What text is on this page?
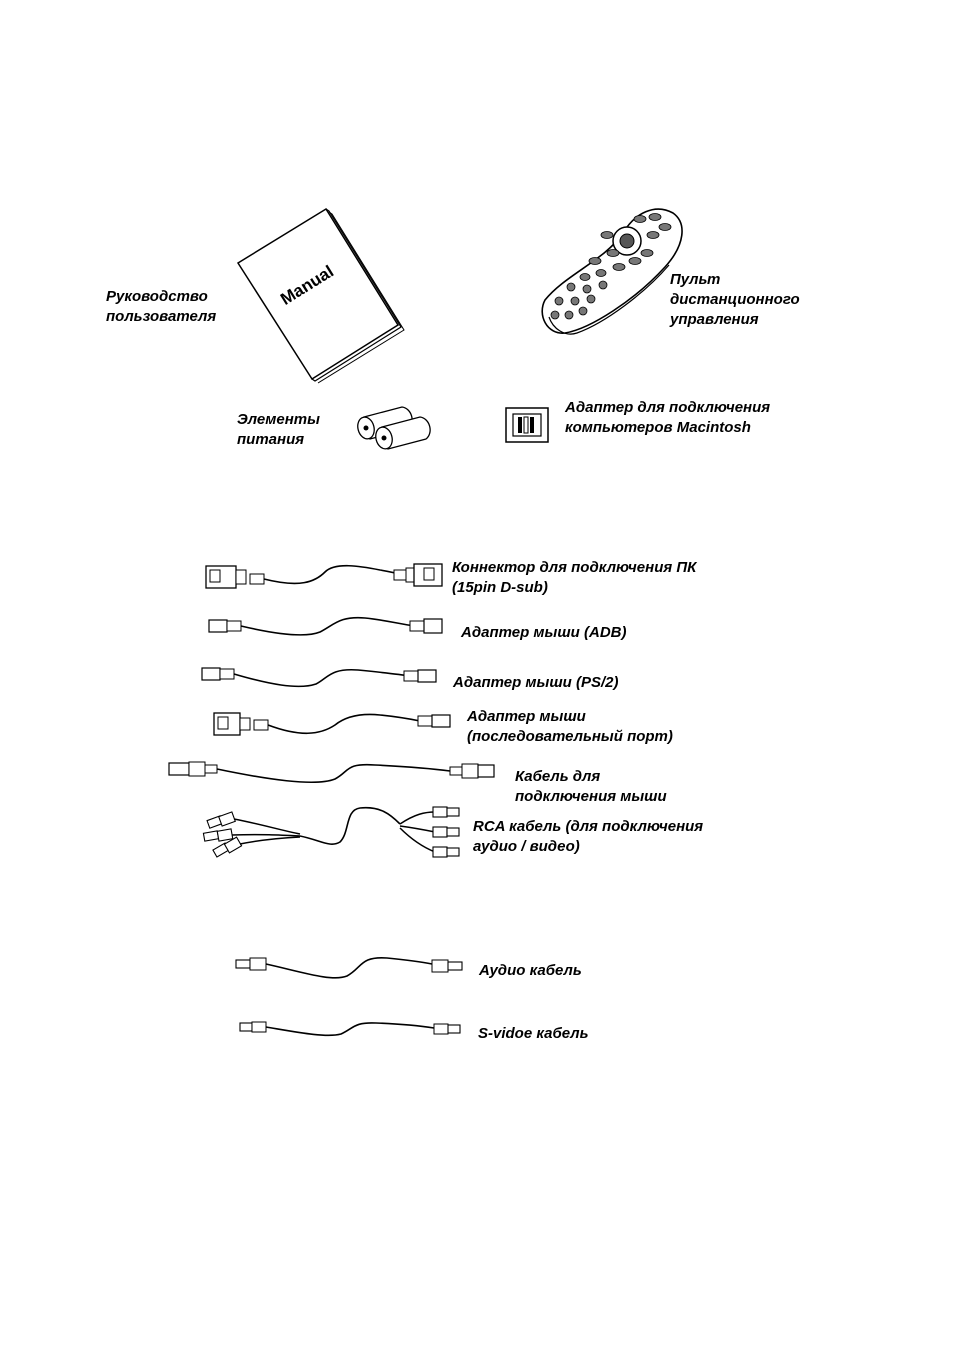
Руководство
пользователя
Manual	Пульт
дистанционного
управления
Элементы
питания
Адаптер для подключения
компьютеров Macintosh
Коннектор для подключения ПК
(15pin D-sub)
Адаптер мыши (ADB)
Адаптер мыши (PS/2)
Адаптер мыши
(последовательный порт)
Кабель для
подключения мыши
RCA кабель (для подключения
аудио / видео)
Аудио кабель
S-vidoe кабель
